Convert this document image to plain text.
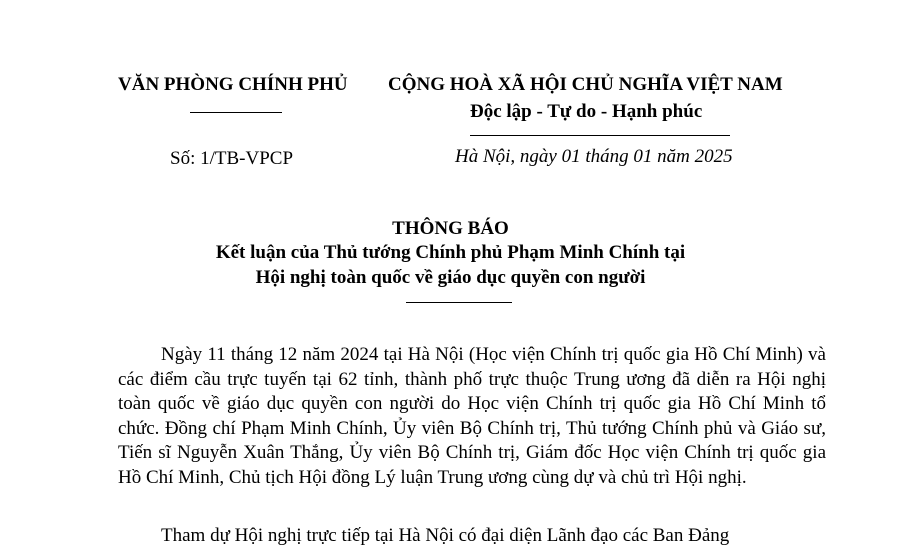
VĂN PHÒNG CHÍNH PHỦ
Số: 1/TB-VPCP
CỘNG HOÀ XÃ HỘI CHỦ NGHĨA VIỆT NAM
Độc lập - Tự do - Hạnh phúc
Hà Nội, ngày 01 tháng 01 năm 2025
THÔNG BÁO
Kết luận của Thủ tướng Chính phủ Phạm Minh Chính tại
Hội nghị toàn quốc về giáo dục quyền con người

Ngày 11 tháng 12 năm 2024 tại Hà Nội (Học viện Chính trị quốc gia Hồ Chí Minh) và các điểm cầu trực tuyến tại 62 tỉnh, thành phố trực thuộc Trung ương đã diễn ra Hội nghị toàn quốc về giáo dục quyền con người do Học viện Chính trị quốc gia Hồ Chí Minh tổ chức. Đồng chí Phạm Minh Chính, Ủy viên Bộ Chính trị, Thủ tướng Chính phủ và Giáo sư, Tiến sĩ Nguyễn Xuân Thắng, Ủy viên Bộ Chính trị, Giám đốc Học viện Chính trị quốc gia Hồ Chí Minh, Chủ tịch Hội đồng Lý luận Trung ương cùng dự và chủ trì Hội nghị.

Tham dự Hội nghị trực tiếp tại Hà Nội có đại diện Lãnh đạo các Ban Đảng
